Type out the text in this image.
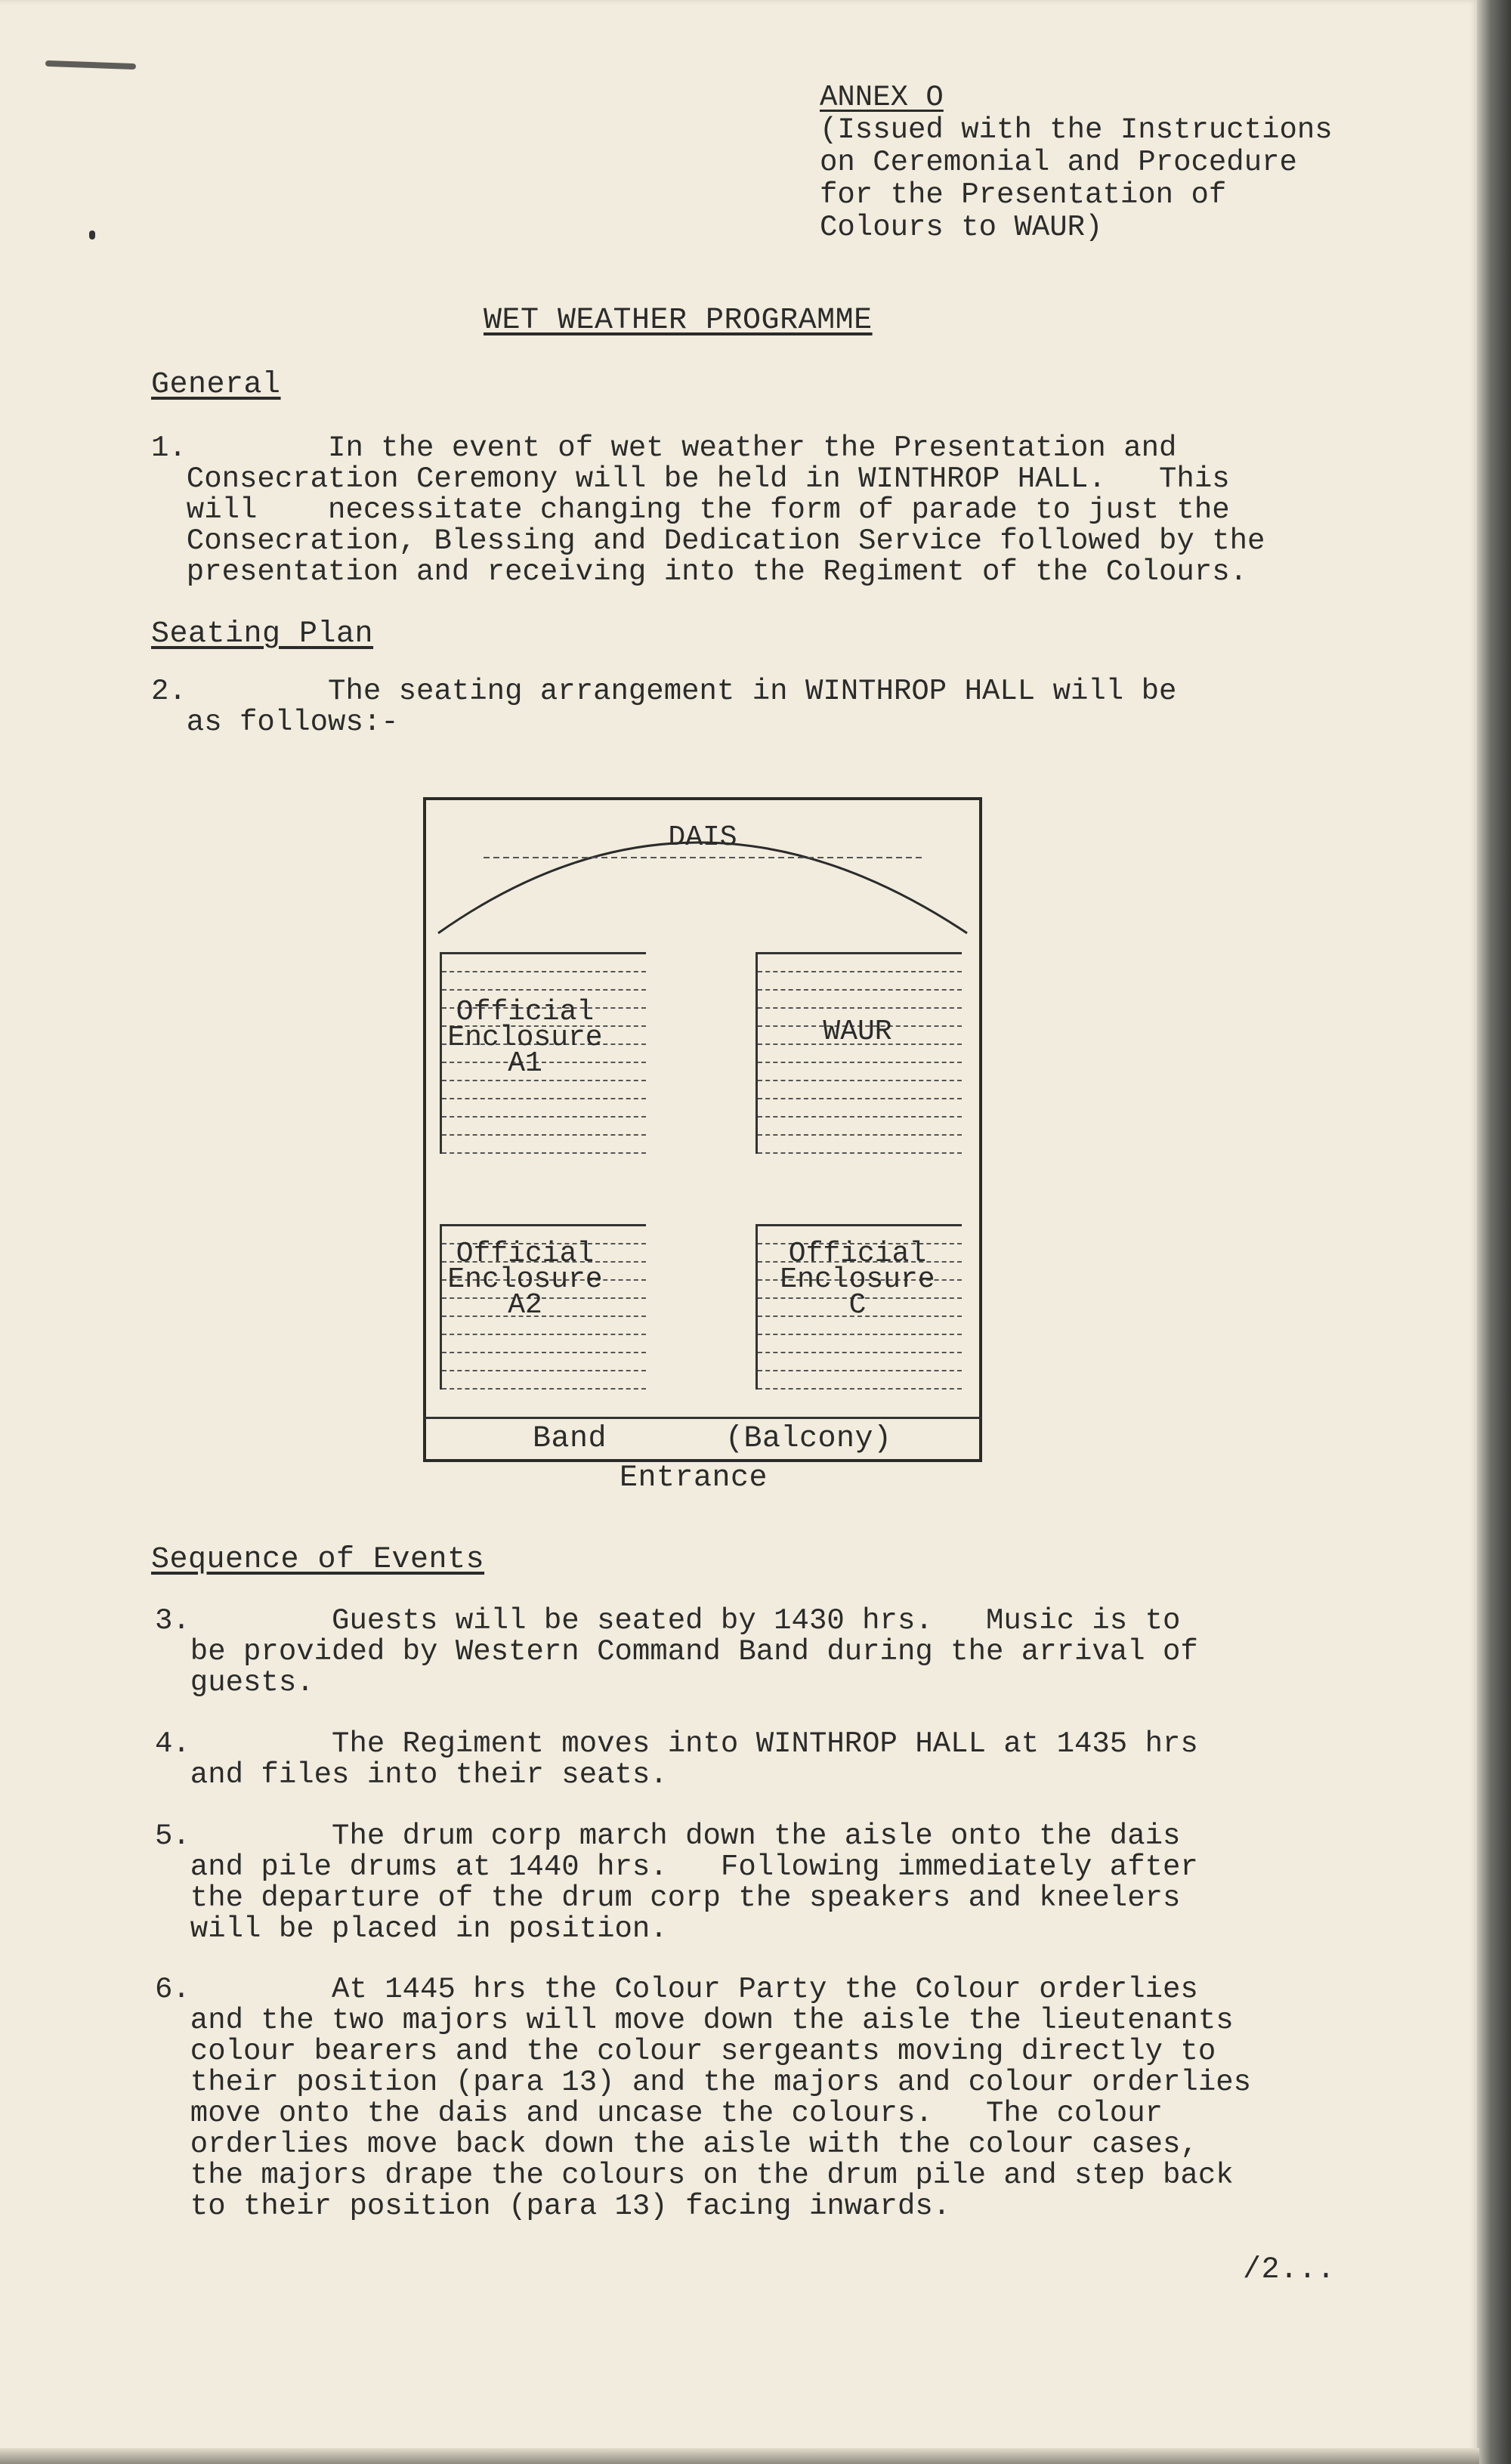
ANNEX O
(Issued with the Instructions
on Ceremonial and Procedure
for the Presentation of
Colours to WAUR)
WET WEATHER PROGRAMME
General
1.        In the event of wet weather the Presentation and
Consecration Ceremony will be held in WINTHROP HALL.   This
will    necessitate changing the form of parade to just the
Consecration, Blessing and Dedication Service followed by the
presentation and receiving into the Regiment of the Colours.
Seating Plan
2.        The seating arrangement in WINTHROP HALL will be
as follows:-
DAIS
Official
Enclosure
A1
WAUR
Official
Enclosure
A2
Official
Enclosure
C
Band	(Balcony)
Entrance
Sequence of Events
3.        Guests will be seated by 1430 hrs.   Music is to
be provided by Western Command Band during the arrival of
guests.
4.        The Regiment moves into WINTHROP HALL at 1435 hrs
and files into their seats.
5.        The drum corp march down the aisle onto the dais
and pile drums at 1440 hrs.   Following immediately after
the departure of the drum corp the speakers and kneelers
will be placed in position.
6.        At 1445 hrs the Colour Party the Colour orderlies
and the two majors will move down the aisle the lieutenants
colour bearers and the colour sergeants moving directly to
their position (para 13) and the majors and colour orderlies
move onto the dais and uncase the colours.   The colour
orderlies move back down the aisle with the colour cases,
the majors drape the colours on the drum pile and step back
to their position (para 13) facing inwards.
/2...
